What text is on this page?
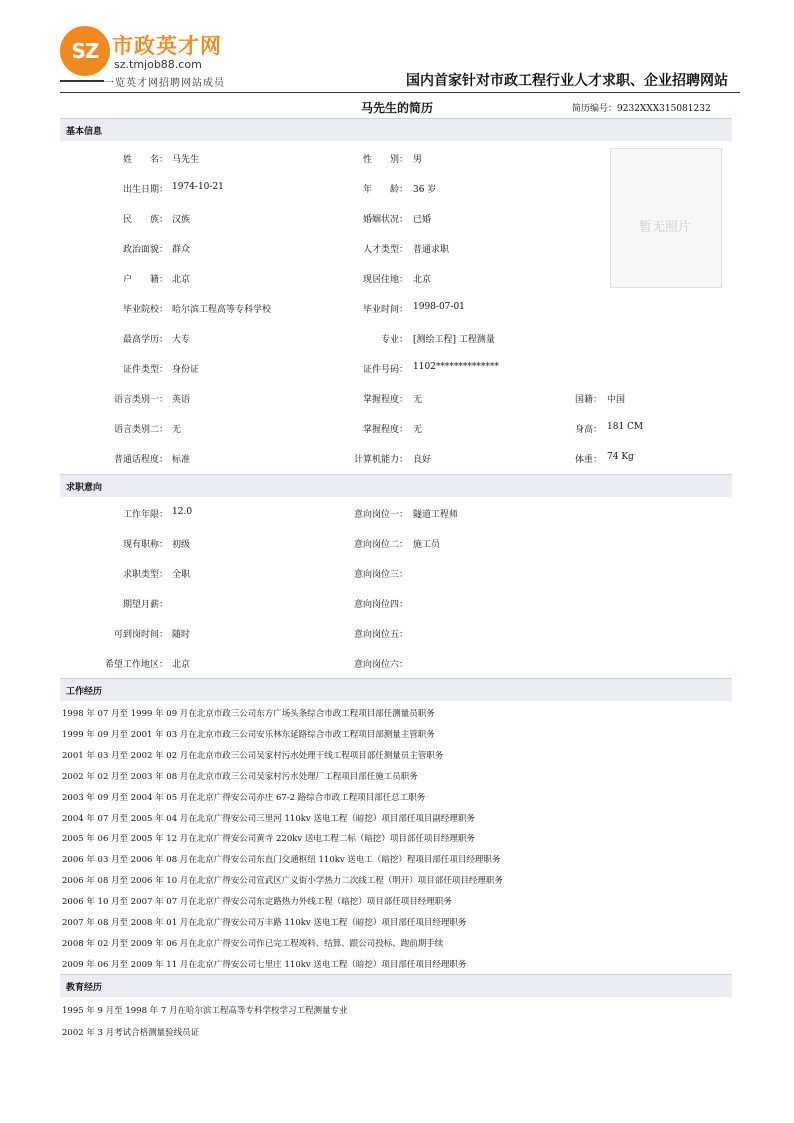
SZ 市政英才网
sz.tmjob88.com
一览英才网招聘网站成员	国内首家针对市政工程行业人才求职、企业招聘网站
马先生的简历	简历编号：9232XXX315081232
基本信息
暂无照片
姓　　名： 马先生	性　　别： 男
出生日期： 1974-10-21	年　　龄： 36 岁
民　　族： 汉族	婚姻状况： 已婚
政治面貌： 群众	人才类型： 普通求职
户　　籍： 北京	现居住地： 北京
毕业院校： 哈尔滨工程高等专科学校	毕业时间： 1998-07-01
最高学历： 大专	专业： [测绘工程] 工程测量
证件类型： 身份证	证件号码： 1102**************
语言类别一： 英语	掌握程度： 无	国籍： 中国
语言类别二： 无	掌握程度： 无	身高： 181 CM
普通话程度： 标准	计算机能力： 良好	体重： 74 Kg
求职意向
工作年限： 12.0	意向岗位一： 隧道工程师
现有职称： 初级	意向岗位二： 施工员
求职类型： 全职	意向岗位三：
期望月薪：	意向岗位四：
可到岗时间： 随时	意向岗位五：
希望工作地区： 北京	意向岗位六：
工作经历
1998 年 07 月至 1999 年 09 月在北京市政三公司东方广场头条综合市政工程项目部任测量员职务
1999 年 09 月至 2001 年 03 月在北京市政三公司安乐林东延路综合市政工程项目部测量主管职务
2001 年 03 月至 2002 年 02 月在北京市政三公司吴家村污水处理干线工程项目部任测量员主管职务
2002 年 02 月至 2003 年 08 月在北京市政三公司吴家村污水处理厂工程项目部任施工员职务
2003 年 09 月至 2004 年 05 月在北京广得安公司亦庄 67-2 路综合市政工程项目部任总工职务
2004 年 07 月至 2005 年 04 月在北京广得安公司三里河 110kv 送电工程（暗挖）项目部任项目副经理职务
2005 年 06 月至 2005 年 12 月在北京广得安公司黄寺 220kv 送电工程二标（暗挖）项目部任项目经理职务
2006 年 03 月至 2006 年 08 月在北京广得安公司东直门交通枢纽 110kv 送电工（暗挖）程项目部任项目经理职务
2006 年 08 月至 2006 年 10 月在北京广得安公司宣武区广义街小学热力二次线工程（明开）项目部任项目经理职务
2006 年 10 月至 2007 年 07 月在北京广得安公司东定路热力外线工程（暗挖）项目部任项目经理职务
2007 年 08 月至 2008 年 01 月在北京广得安公司万丰路 110kv 送电工程（暗挖）项目部任项目经理职务
2008 年 02 月至 2009 年 06 月在北京广得安公司作已完工程竣料、结算、跟公司投标、跑前期手续
2009 年 06 月至 2009 年 11 月在北京广得安公司七里庄 110kv 送电工程（暗挖）项目部任项目经理职务
教育经历
1995 年 9 月至 1998 年 7 月在哈尔滨工程高等专科学校学习工程测量专业
2002 年 3 月考试合格测量验线员证
